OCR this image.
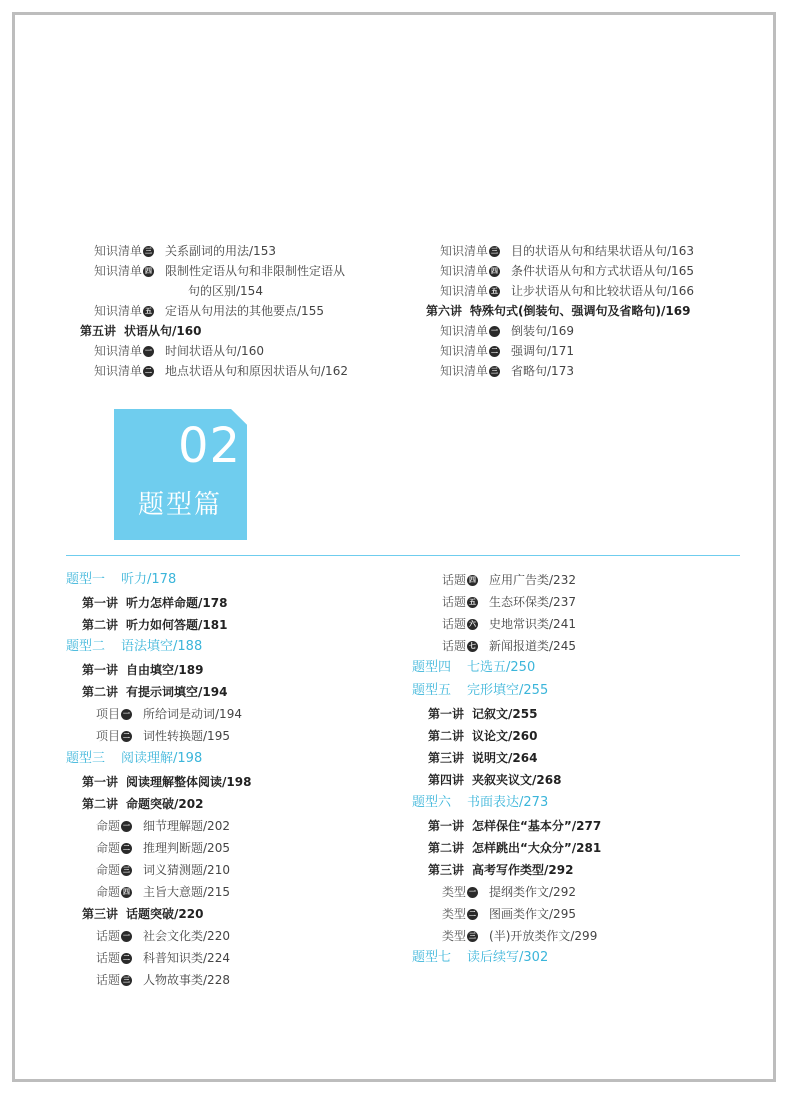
知识清单 三 关系副词的用法/153
知识清单 四 限制性定语从句和非限制性定语从
句的区别/154
知识清单 五 定语从句用法的其他要点/155
第五讲 状语从句/160
知识清单 一 时间状语从句/160
知识清单 二 地点状语从句和原因状语从句/162
知识清单 三 目的状语从句和结果状语从句/163
知识清单 四 条件状语从句和方式状语从句/165
知识清单 五 让步状语从句和比较状语从句/166
第六讲 特殊句式(倒装句、强调句及省略句)/169
知识清单 一 倒装句/169
知识清单 二 强调句/171
知识清单 三 省略句/173
02
题型篇
题型一 听力/178
第一讲 听力怎样命题/178
第二讲 听力如何答题/181
题型二 语法填空/188
第一讲 自由填空/189
第二讲 有提示词填空/194
项目 一 所给词是动词/194
项目 二 词性转换题/195
题型三 阅读理解/198
第一讲 阅读理解整体阅读/198
第二讲 命题突破/202
命题 一 细节理解题/202
命题 二 推理判断题/205
命题 三 词义猜测题/210
命题 四 主旨大意题/215
第三讲 话题突破/220
话题 一 社会文化类/220
话题 二 科普知识类/224
话题 三 人物故事类/228
话题 四 应用广告类/232
话题 五 生态环保类/237
话题 六 史地常识类/241
话题 七 新闻报道类/245
题型四 七选五/250
题型五 完形填空/255
第一讲 记叙文/255
第二讲 议论文/260
第三讲 说明文/264
第四讲 夹叙夹议文/268
题型六 书面表达/273
第一讲 怎样保住“基本分”/277
第二讲 怎样跳出“大众分”/281
第三讲 高考写作类型/292
类型 一 提纲类作文/292
类型 二 图画类作文/295
类型 三 (半)开放类作文/299
题型七 读后续写/302
